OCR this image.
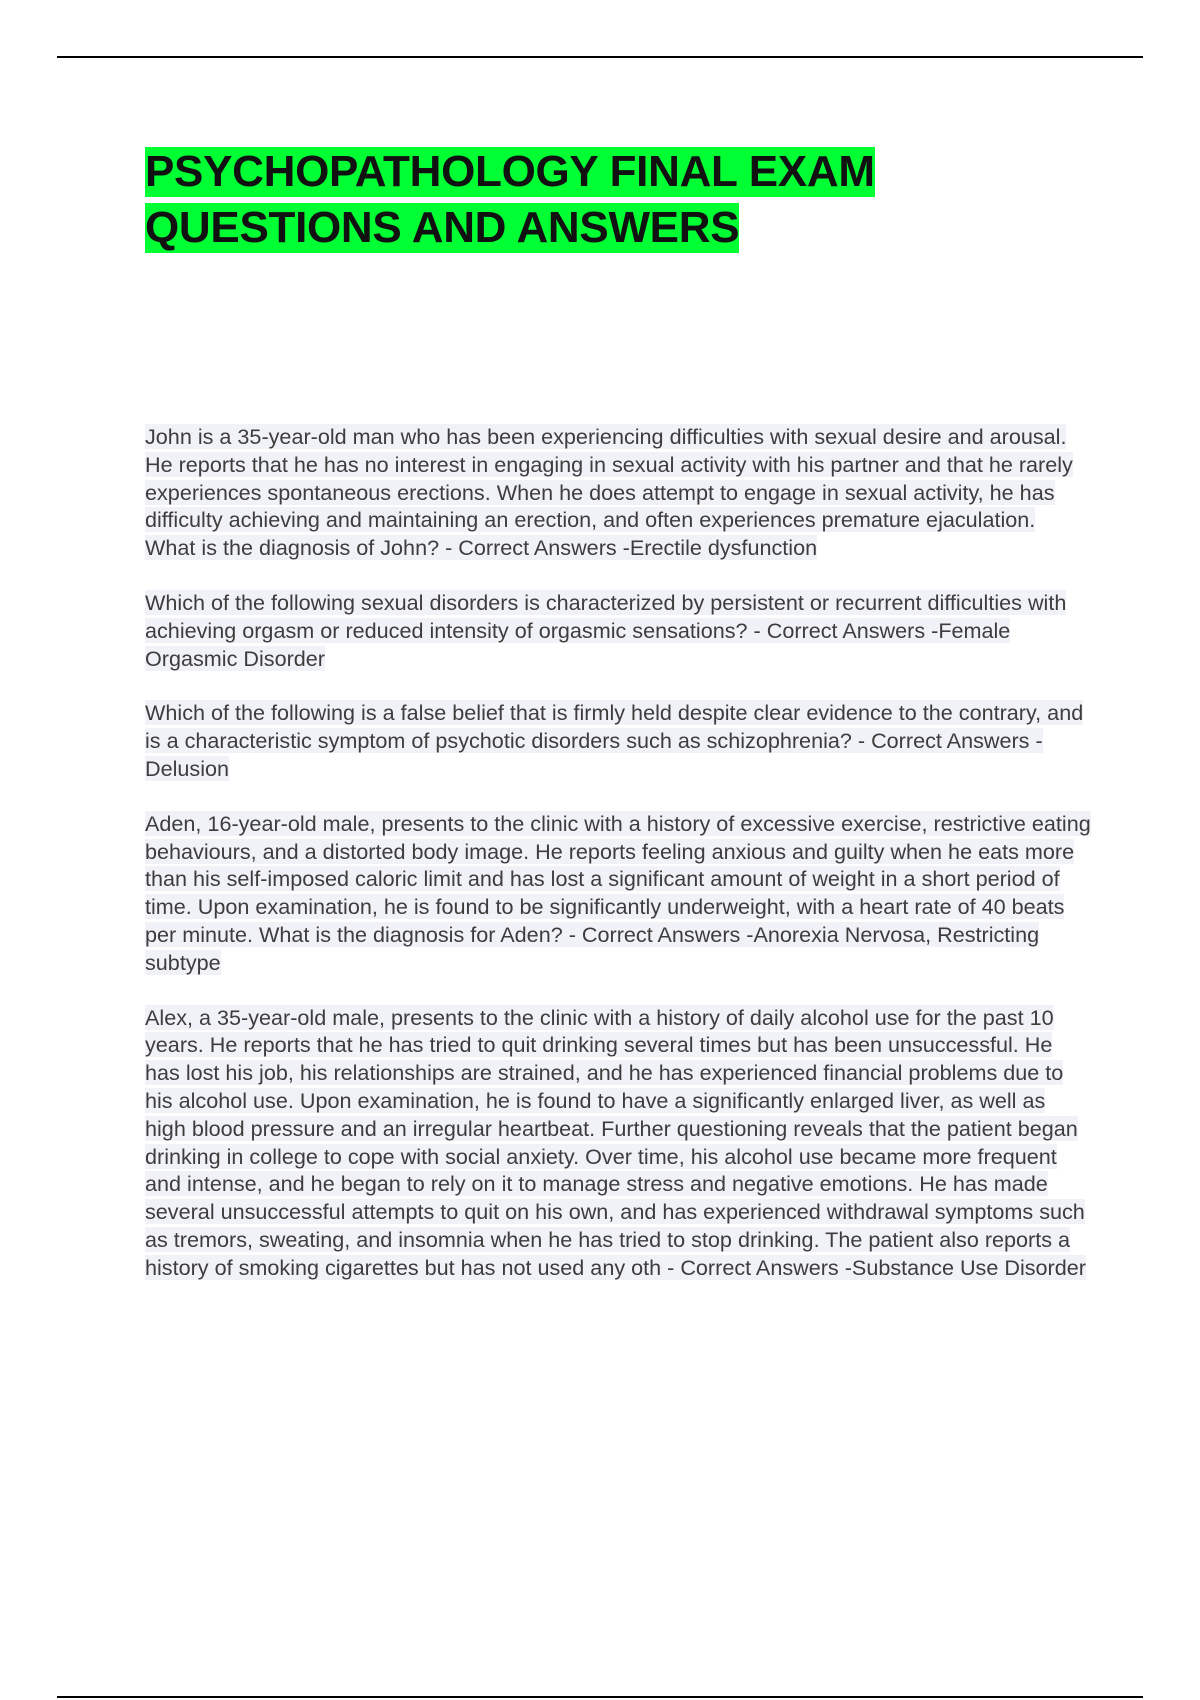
PSYCHOPATHOLOGY FINAL EXAM
QUESTIONS AND ANSWERS

John is a 35-year-old man who has been experiencing difficulties with sexual desire and arousal. He reports that he has no interest in engaging in sexual activity with his partner and that he rarely experiences spontaneous erections. When he does attempt to engage in sexual activity, he has difficulty achieving and maintaining an erection, and often experiences premature ejaculation. What is the diagnosis of John? - Correct Answers -Erectile dysfunction

Which of the following sexual disorders is characterized by persistent or recurrent difficulties with achieving orgasm or reduced intensity of orgasmic sensations? - Correct Answers -Female Orgasmic Disorder

Which of the following is a false belief that is firmly held despite clear evidence to the contrary, and is a characteristic symptom of psychotic disorders such as schizophrenia? - Correct Answers -Delusion

Aden, 16-year-old male, presents to the clinic with a history of excessive exercise, restrictive eating behaviours, and a distorted body image. He reports feeling anxious and guilty when he eats more than his self-imposed caloric limit and has lost a significant amount of weight in a short period of time. Upon examination, he is found to be significantly underweight, with a heart rate of 40 beats per minute. What is the diagnosis for Aden? - Correct Answers -Anorexia Nervosa, Restricting subtype

Alex, a 35-year-old male, presents to the clinic with a history of daily alcohol use for the past 10 years. He reports that he has tried to quit drinking several times but has been unsuccessful. He has lost his job, his relationships are strained, and he has experienced financial problems due to his alcohol use. Upon examination, he is found to have a significantly enlarged liver, as well as high blood pressure and an irregular heartbeat. Further questioning reveals that the patient began drinking in college to cope with social anxiety. Over time, his alcohol use became more frequent and intense, and he began to rely on it to manage stress and negative emotions. He has made several unsuccessful attempts to quit on his own, and has experienced withdrawal symptoms such as tremors, sweating, and insomnia when he has tried to stop drinking. The patient also reports a history of smoking cigarettes but has not used any oth - Correct Answers -Substance Use Disorder
